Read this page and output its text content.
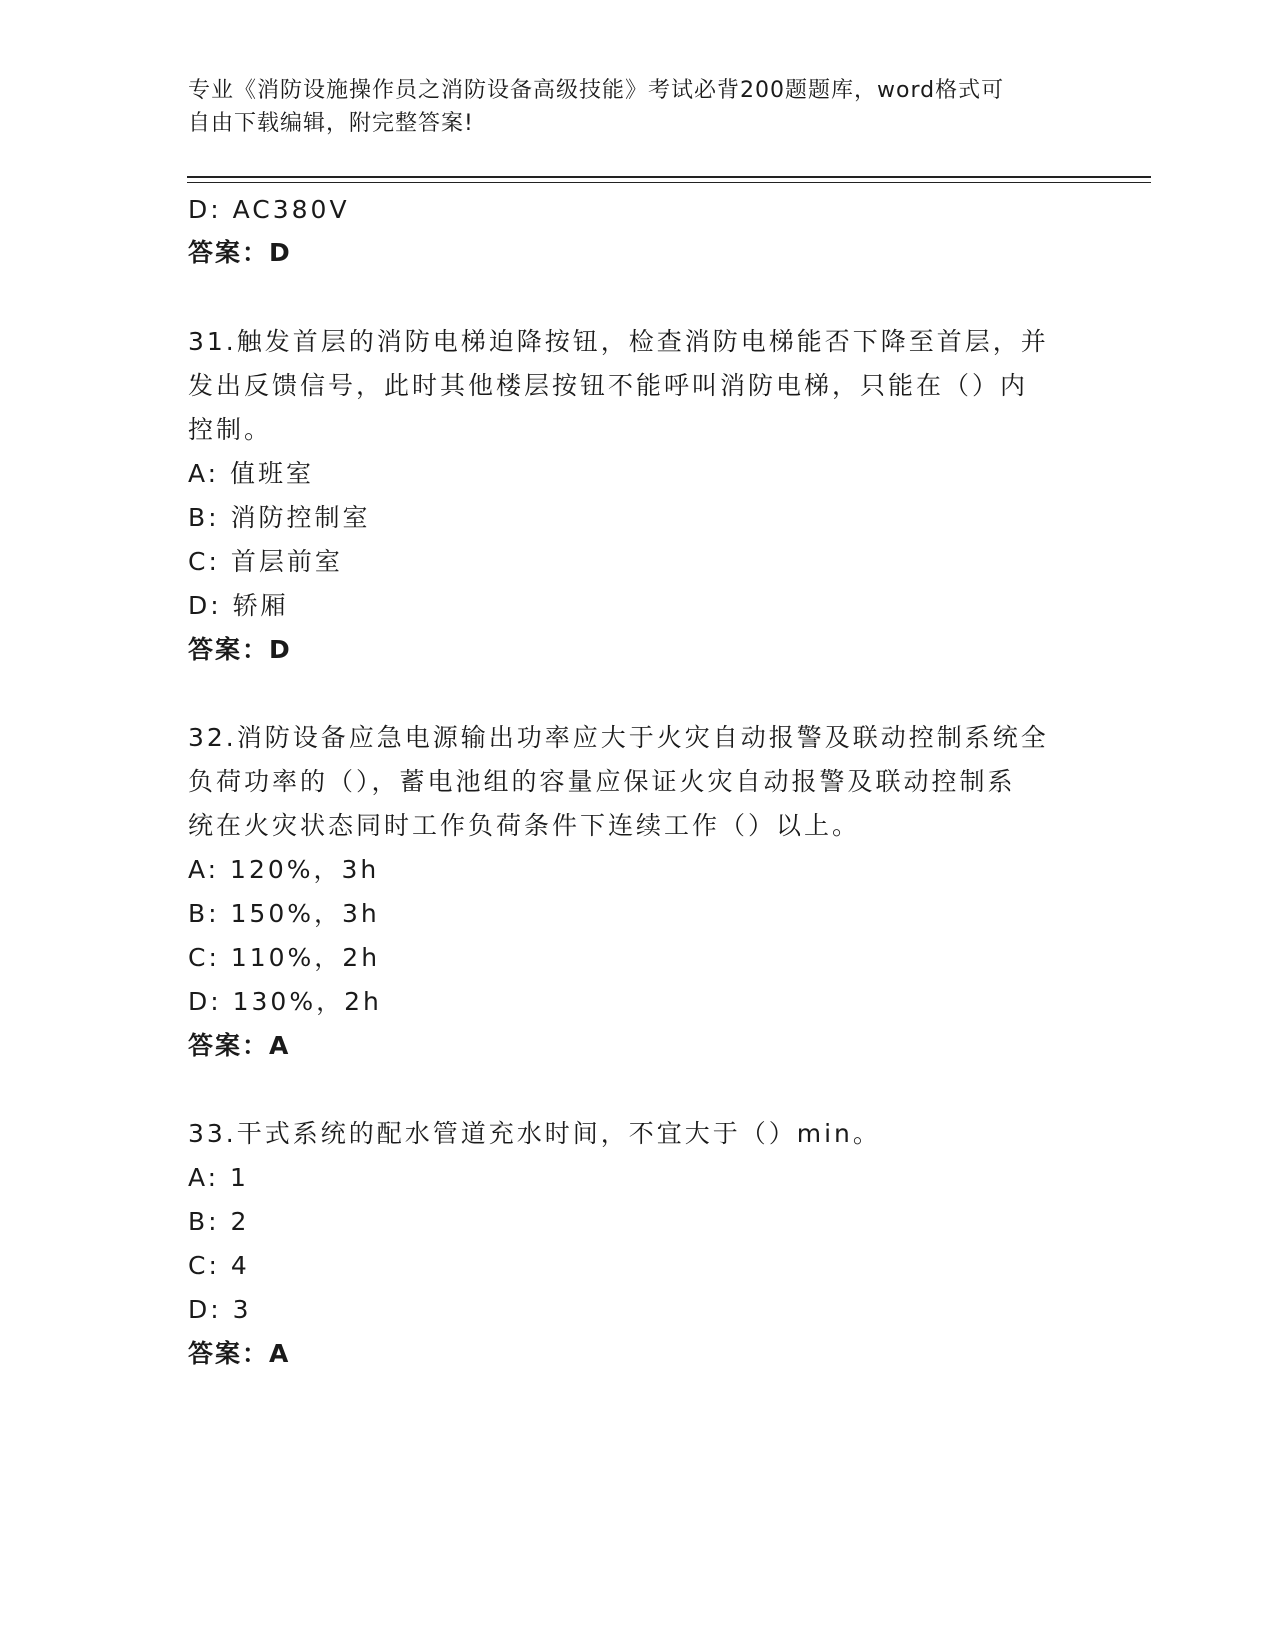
专业《消防设施操作员之消防设备高级技能》考试必背200题题库，word格式可
自由下载编辑，附完整答案!
D: AC380V
答案：D
31.触发首层的消防电梯迫降按钮，检查消防电梯能否下降至首层，并
发出反馈信号，此时其他楼层按钮不能呼叫消防电梯，只能在（）内
控制。
A: 值班室
B: 消防控制室
C: 首层前室
D: 轿厢
答案：D
32.消防设备应急电源输出功率应大于火灾自动报警及联动控制系统全
负荷功率的（），蓄电池组的容量应保证火灾自动报警及联动控制系
统在火灾状态同时工作负荷条件下连续工作（）以上。
A: 120%，3h
B: 150%，3h
C: 110%，2h
D: 130%，2h
答案：A
33.干式系统的配水管道充水时间，不宜大于（）min。
A: 1
B: 2
C: 4
D: 3
答案：A
